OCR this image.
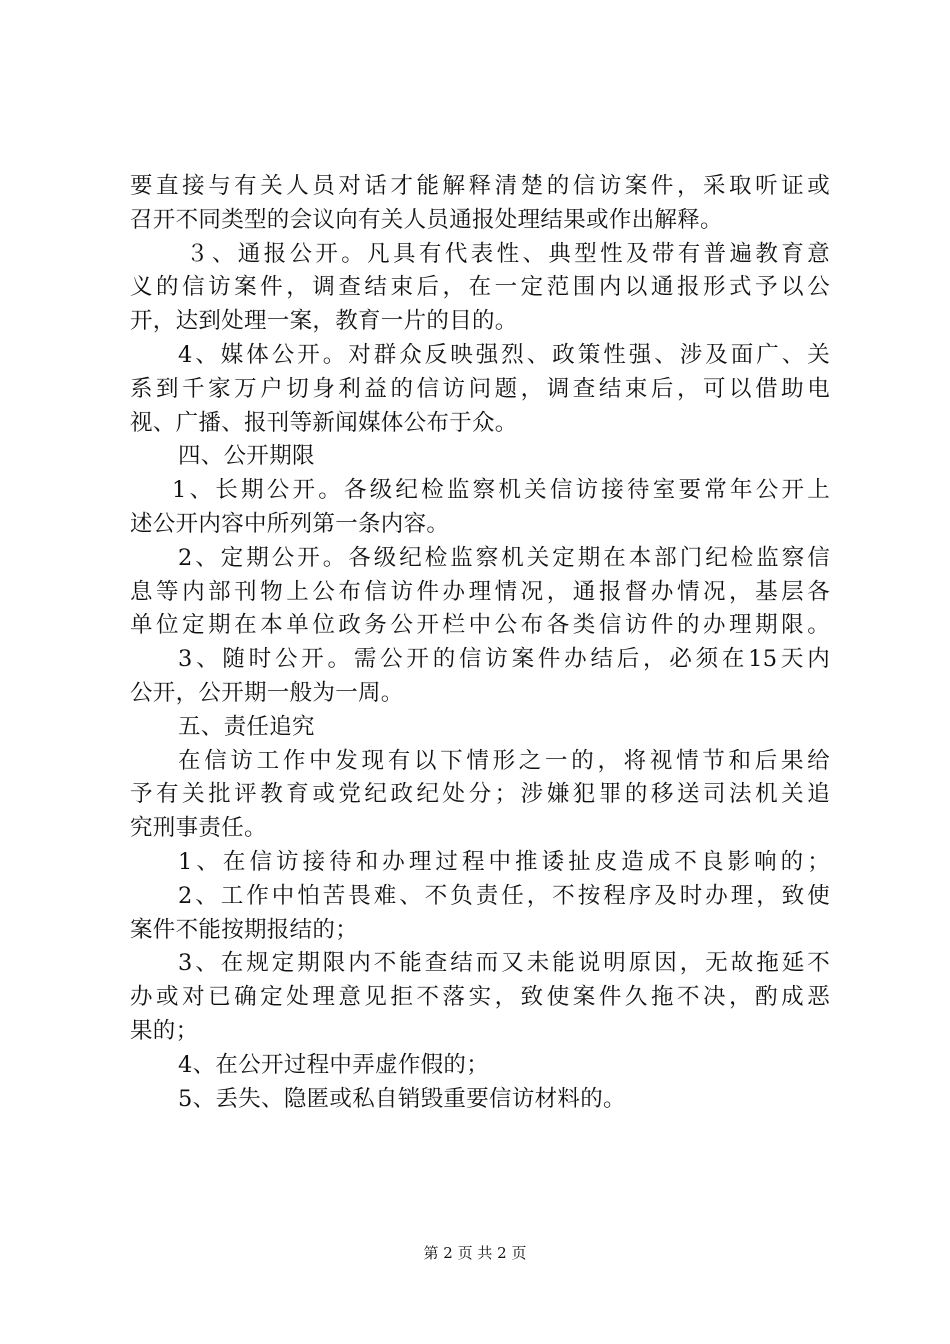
要直接与有关人员对话才能解释清楚的信访案件，采取听证或
召开不同类型的会议向有关人员通报处理结果或作出解释。
３、通报公开。凡具有代表性、典型性及带有普遍教育意
义的信访案件，调查结束后，在一定范围内以通报形式予以公
开，达到处理一案，教育一片的目的。
4、媒体公开。对群众反映强烈、政策性强、涉及面广、关
系到千家万户切身利益的信访问题，调查结束后，可以借助电
视、广播、报刊等新闻媒体公布于众。
四、公开期限
1、长期公开。各级纪检监察机关信访接待室要常年公开上
述公开内容中所列第一条内容。
2、定期公开。各级纪检监察机关定期在本部门纪检监察信
息等内部刊物上公布信访件办理情况，通报督办情况，基层各
单位定期在本单位政务公开栏中公布各类信访件的办理期限。
3、随时公开。需公开的信访案件办结后，必须在15天内
公开，公开期一般为一周。
五、责任追究
在信访工作中发现有以下情形之一的，将视情节和后果给
予有关批评教育或党纪政纪处分；涉嫌犯罪的移送司法机关追
究刑事责任。
1、在信访接待和办理过程中推诿扯皮造成不良影响的；
2、工作中怕苦畏难、不负责任，不按程序及时办理，致使
案件不能按期报结的；
3、在规定期限内不能查结而又未能说明原因，无故拖延不
办或对已确定处理意见拒不落实，致使案件久拖不决，酌成恶
果的；
4、在公开过程中弄虚作假的；
5、丢失、隐匿或私自销毁重要信访材料的。
第 2 页 共 2 页
